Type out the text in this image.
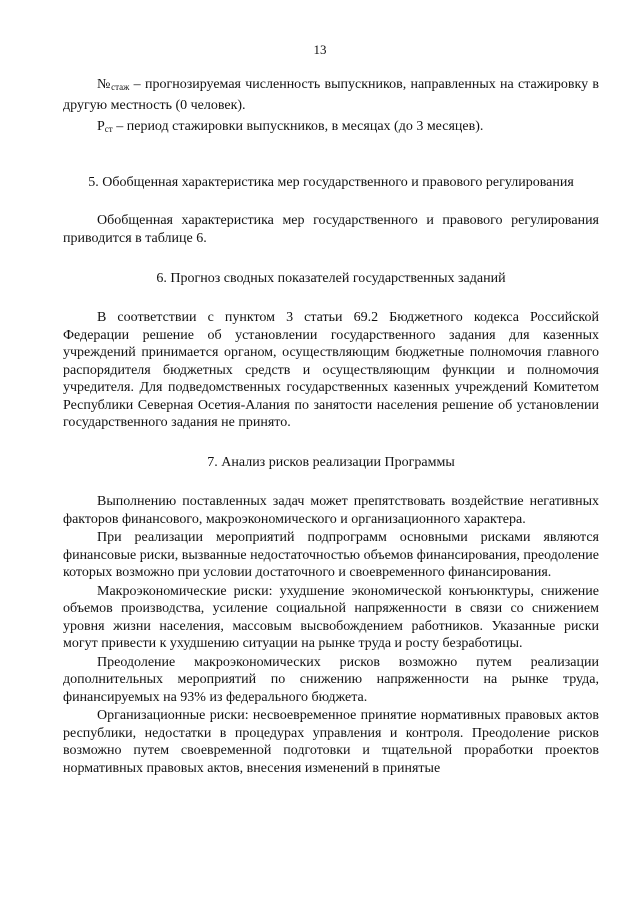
13

$№_{стаж}$ – прогнозируемая численность выпускников, направленных на стажировку в другую местность (0 человек).

$Р_{ст}$ – период стажировки выпускников, в месяцах (до 3 месяцев).

5. Обобщенная характеристика мер государственного и правового регулирования

Обобщенная характеристика мер государственного и правового регулирования приводится в таблице 6.

6. Прогноз сводных показателей государственных заданий

В соответствии с пунктом 3 статьи 69.2 Бюджетного кодекса Российской Федерации решение об установлении государственного задания для казенных учреждений принимается органом, осуществляющим бюджетные полномочия главного распорядителя бюджетных средств и осуществляющим функции и полномочия учредителя. Для подведомственных государственных казенных учреждений Комитетом Республики Северная Осетия-Алания по занятости населения решение об установлении государственного задания не принято.

7. Анализ рисков реализации Программы

Выполнению поставленных задач может препятствовать воздействие негативных факторов финансового, макроэкономического и организационного характера.

При реализации мероприятий подпрограмм основными рисками являются финансовые риски, вызванные недостаточностью объемов финансирования, преодоление которых возможно при условии достаточного и своевременного финансирования.

Макроэкономические риски: ухудшение экономической конъюнктуры, снижение объемов производства, усиление социальной напряженности в связи со снижением уровня жизни населения, массовым высвобождением работников. Указанные риски могут привести к ухудшению ситуации на рынке труда и росту безработицы.

Преодоление макроэкономических рисков возможно путем реализации дополнительных мероприятий по снижению напряженности на рынке труда, финансируемых на 93% из федерального бюджета.

Организационные риски: несвоевременное принятие нормативных правовых актов республики, недостатки в процедурах управления и контроля. Преодоление рисков возможно путем своевременной подготовки и тщательной проработки проектов нормативных правовых актов, внесения изменений в принятые
